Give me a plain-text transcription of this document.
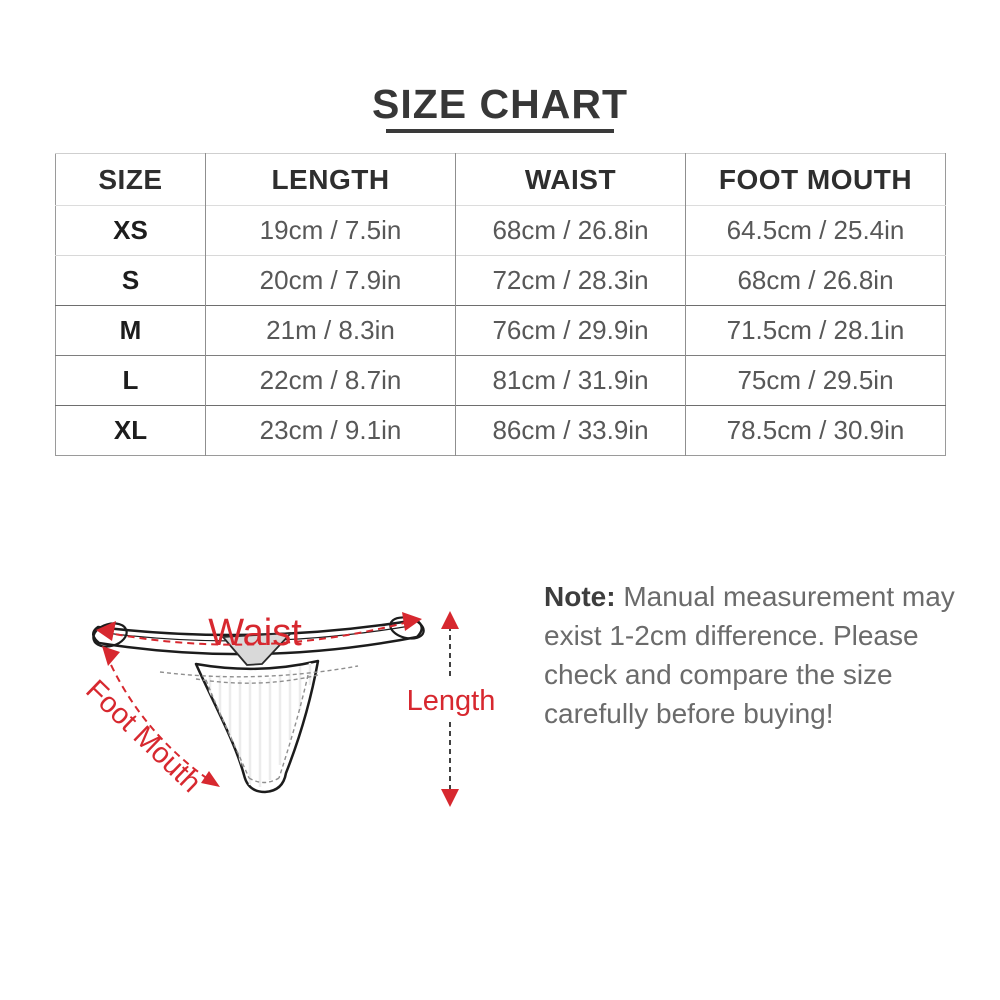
SIZE CHART
SIZE	LENGTH	WAIST	FOOT MOUTH
XS	19cm / 7.5in	68cm / 26.8in	64.5cm / 25.4in
S	20cm / 7.9in	72cm / 28.3in	68cm / 26.8in
M	21m / 8.3in	76cm / 29.9in	71.5cm / 28.1in
L	22cm / 8.7in	81cm / 31.9in	75cm / 29.5in
XL	23cm / 9.1in	86cm / 33.9in	78.5cm / 30.9in
Waist
Foot Mouth	Length
Note: Manual measurement may
exist 1-2cm difference. Please
check and compare the size
carefully before buying!
